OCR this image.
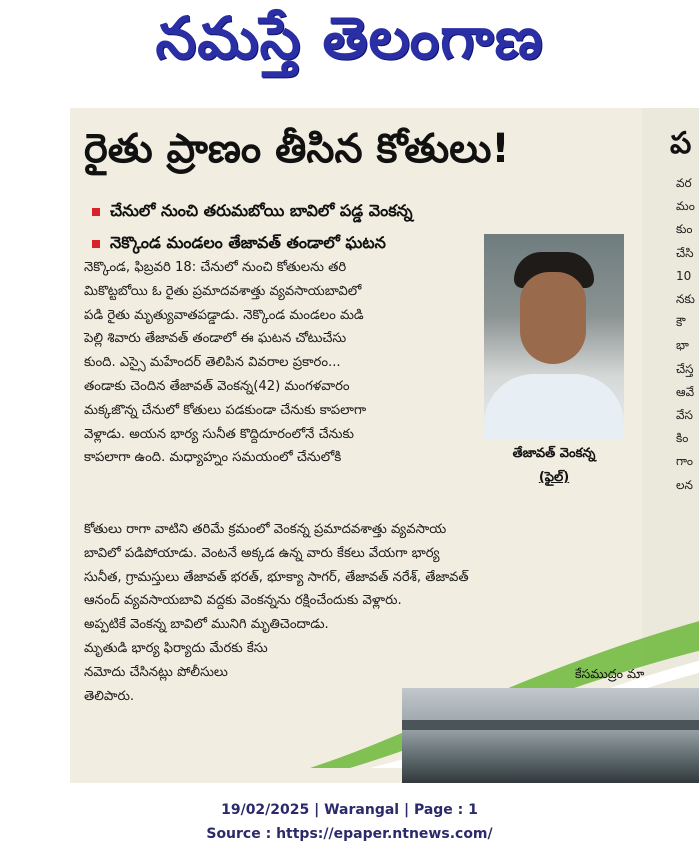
నమస్తే తెలంగాణ
రైతు ప్రాణం తీసిన కోతులు!
చేనులో నుంచి తరుమబోయి బావిలో పడ్డ వెంకన్న
నెక్కొండ మండలం తేజావత్ తండాలో ఘటన
నెక్కొండ, ఫిబ్రవరి 18: చేనులో నుంచి కోతులను తరి
మికొట్టబోయి ఓ రైతు ప్రమాదవశాత్తు వ్యవసాయబావిలో
పడి రైతు మృత్యువాతపడ్డాడు. నెక్కొండ మండలం మడి
పెల్లి శివారు తేజావత్ తండాలో ఈ ఘటన చోటుచేసు
కుంది. ఎస్సై మహేందర్ తెలిపిన వివరాల ప్రకారం...
తండాకు చెందిన తేజావత్ వెంకన్న(42) మంగళవారం
మక్కజొన్న చేనులో కోతులు పడకుండా చేనుకు కాపలాగా
వెళ్లాడు. అయన భార్య సునీత కొద్దిదూరంలోనే చేనుకు
కాపలాగా ఉంది. మధ్యాహ్నం సమయంలో చేనులోకి	తేజావత్ వెంకన్న
(ఫైల్)
కోతులు రాగా వాటిని తరిమే క్రమంలో వెంకన్న ప్రమాదవశాత్తు వ్యవసాయ
బావిలో పడిపోయాడు. వెంటనే అక్కడ ఉన్న వారు కేకలు వేయగా భార్య
సునీత, గ్రామస్తులు తేజావత్ భరత్, భూక్యా సాగర్, తేజావత్ నరేశ్, తేజావత్
ఆనంద్ వ్యవసాయబావి వద్దకు వెంకన్నను రక్షించేందుకు వెళ్లారు.
అప్పటికే వెంకన్న బావిలో మునిగి మృతిచెందాడు.
మృతుడి భార్య ఫిర్యాదు మేరకు కేసు
నమోదు చేసినట్లు పోలీసులు
తెలిపారు.
ప
వర
మం
కుం
చేసి
10
నకు
కౌ
భా
చేస్త
ఆవే
వేస
కిం
గాం
లన
కేసముద్రం మా
19/02/2025 | Warangal | Page : 1
Source : https://epaper.ntnews.com/
